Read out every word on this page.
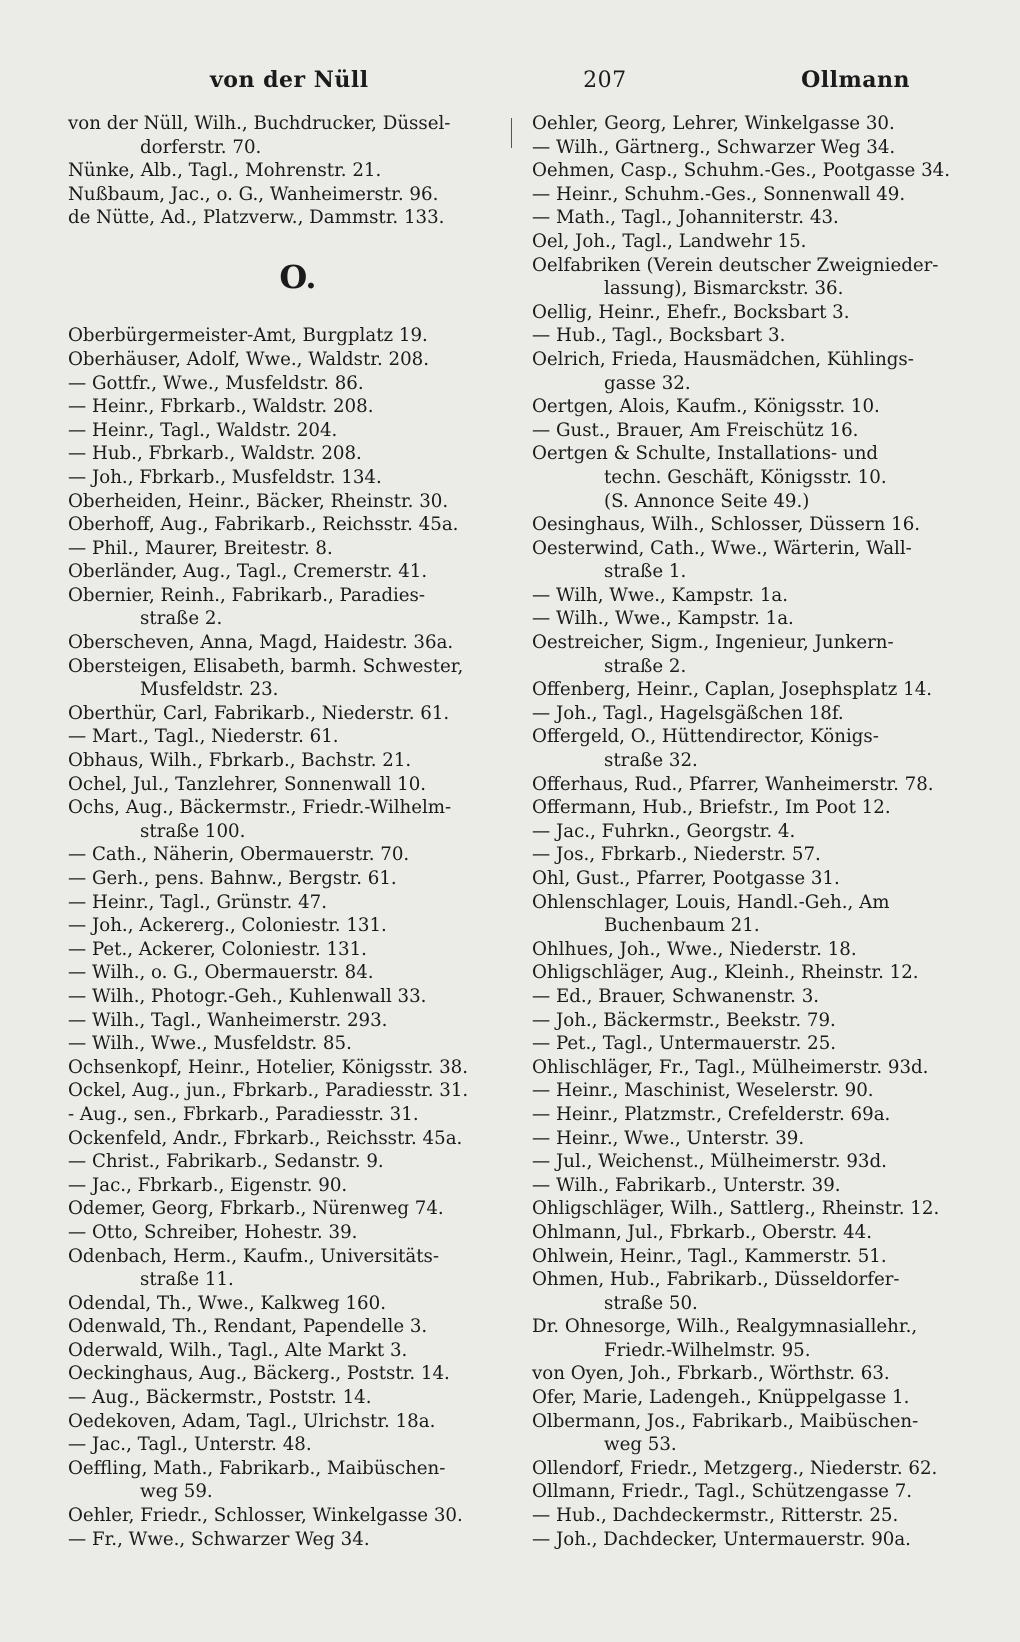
von der Nüll	207	Ollmann
von der Nüll, Wilh., Buchdrucker, Düssel-
dorferstr. 70.
Nünke, Alb., Tagl., Mohrenstr. 21.
Nußbaum, Jac., o. G., Wanheimerstr. 96.
de Nütte, Ad., Platzverw., Dammstr. 133.
O.
Oberbürgermeister-Amt, Burgplatz 19.
Oberhäuser, Adolf, Wwe., Waldstr. 208.
— Gottfr., Wwe., Musfeldstr. 86.
— Heinr., Fbrkarb., Waldstr. 208.
— Heinr., Tagl., Waldstr. 204.
— Hub., Fbrkarb., Waldstr. 208.
— Joh., Fbrkarb., Musfeldstr. 134.
Oberheiden, Heinr., Bäcker, Rheinstr. 30.
Oberhoff, Aug., Fabrikarb., Reichsstr. 45a.
— Phil., Maurer, Breitestr. 8.
Oberländer, Aug., Tagl., Cremerstr. 41.
Obernier, Reinh., Fabrikarb., Paradies-
straße 2.
Oberscheven, Anna, Magd, Haidestr. 36a.
Obersteigen, Elisabeth, barmh. Schwester,
Musfeldstr. 23.
Oberthür, Carl, Fabrikarb., Niederstr. 61.
— Mart., Tagl., Niederstr. 61.
Obhaus, Wilh., Fbrkarb., Bachstr. 21.
Ochel, Jul., Tanzlehrer, Sonnenwall 10.
Ochs, Aug., Bäckermstr., Friedr.-Wilhelm-
straße 100.
— Cath., Näherin, Obermauerstr. 70.
— Gerh., pens. Bahnw., Bergstr. 61.
— Heinr., Tagl., Grünstr. 47.
— Joh., Ackererg., Coloniestr. 131.
— Pet., Ackerer, Coloniestr. 131.
— Wilh., o. G., Obermauerstr. 84.
— Wilh., Photogr.-Geh., Kuhlenwall 33.
— Wilh., Tagl., Wanheimerstr. 293.
— Wilh., Wwe., Musfeldstr. 85.
Ochsenkopf, Heinr., Hotelier, Königsstr. 38.
Ockel, Aug., jun., Fbrkarb., Paradiesstr. 31.
- Aug., sen., Fbrkarb., Paradiesstr. 31.
Ockenfeld, Andr., Fbrkarb., Reichsstr. 45a.
— Christ., Fabrikarb., Sedanstr. 9.
— Jac., Fbrkarb., Eigenstr. 90.
Odemer, Georg, Fbrkarb., Nürenweg 74.
— Otto, Schreiber, Hohestr. 39.
Odenbach, Herm., Kaufm., Universitäts-
straße 11.
Odendal, Th., Wwe., Kalkweg 160.
Odenwald, Th., Rendant, Papendelle 3.
Oderwald, Wilh., Tagl., Alte Markt 3.
Oeckinghaus, Aug., Bäckerg., Poststr. 14.
— Aug., Bäckermstr., Poststr. 14.
Oedekoven, Adam, Tagl., Ulrichstr. 18a.
— Jac., Tagl., Unterstr. 48.
Oeffling, Math., Fabrikarb., Maibüschen-
weg 59.
Oehler, Friedr., Schlosser, Winkelgasse 30.
— Fr., Wwe., Schwarzer Weg 34.
Oehler, Georg, Lehrer, Winkelgasse 30.
— Wilh., Gärtnerg., Schwarzer Weg 34.
Oehmen, Casp., Schuhm.-Ges., Pootgasse 34.
— Heinr., Schuhm.-Ges., Sonnenwall 49.
— Math., Tagl., Johanniterstr. 43.
Oel, Joh., Tagl., Landwehr 15.
Oelfabriken (Verein deutscher Zweignieder-
lassung), Bismarckstr. 36.
Oellig, Heinr., Ehefr., Bocksbart 3.
— Hub., Tagl., Bocksbart 3.
Oelrich, Frieda, Hausmädchen, Kühlings-
gasse 32.
Oertgen, Alois, Kaufm., Königsstr. 10.
— Gust., Brauer, Am Freischütz 16.
Oertgen & Schulte, Installations- und
techn. Geschäft, Königsstr. 10.
(S. Annonce Seite 49.)
Oesinghaus, Wilh., Schlosser, Düssern 16.
Oesterwind, Cath., Wwe., Wärterin, Wall-
straße 1.
— Wilh, Wwe., Kampstr. 1a.
— Wilh., Wwe., Kampstr. 1a.
Oestreicher, Sigm., Ingenieur, Junkern-
straße 2.
Offenberg, Heinr., Caplan, Josephsplatz 14.
— Joh., Tagl., Hagelsgäßchen 18f.
Offergeld, O., Hüttendirector, Königs-
straße 32.
Offerhaus, Rud., Pfarrer, Wanheimerstr. 78.
Offermann, Hub., Briefstr., Im Poot 12.
— Jac., Fuhrkn., Georgstr. 4.
— Jos., Fbrkarb., Niederstr. 57.
Ohl, Gust., Pfarrer, Pootgasse 31.
Ohlenschlager, Louis, Handl.-Geh., Am
Buchenbaum 21.
Ohlhues, Joh., Wwe., Niederstr. 18.
Ohligschläger, Aug., Kleinh., Rheinstr. 12.
— Ed., Brauer, Schwanenstr. 3.
— Joh., Bäckermstr., Beekstr. 79.
— Pet., Tagl., Untermauerstr. 25.
Ohlischläger, Fr., Tagl., Mülheimerstr. 93d.
— Heinr., Maschinist, Weselerstr. 90.
— Heinr., Platzmstr., Crefelderstr. 69a.
— Heinr., Wwe., Unterstr. 39.
— Jul., Weichenst., Mülheimerstr. 93d.
— Wilh., Fabrikarb., Unterstr. 39.
Ohligschläger, Wilh., Sattlerg., Rheinstr. 12.
Ohlmann, Jul., Fbrkarb., Oberstr. 44.
Ohlwein, Heinr., Tagl., Kammerstr. 51.
Ohmen, Hub., Fabrikarb., Düsseldorfer-
straße 50.
Dr. Ohnesorge, Wilh., Realgymnasiallehr.,
Friedr.-Wilhelmstr. 95.
von Oyen, Joh., Fbrkarb., Wörthstr. 63.
Ofer, Marie, Ladengeh., Knüppelgasse 1.
Olbermann, Jos., Fabrikarb., Maibüschen-
weg 53.
Ollendorf, Friedr., Metzgerg., Niederstr. 62.
Ollmann, Friedr., Tagl., Schützengasse 7.
— Hub., Dachdeckermstr., Ritterstr. 25.
— Joh., Dachdecker, Untermauerstr. 90a.
